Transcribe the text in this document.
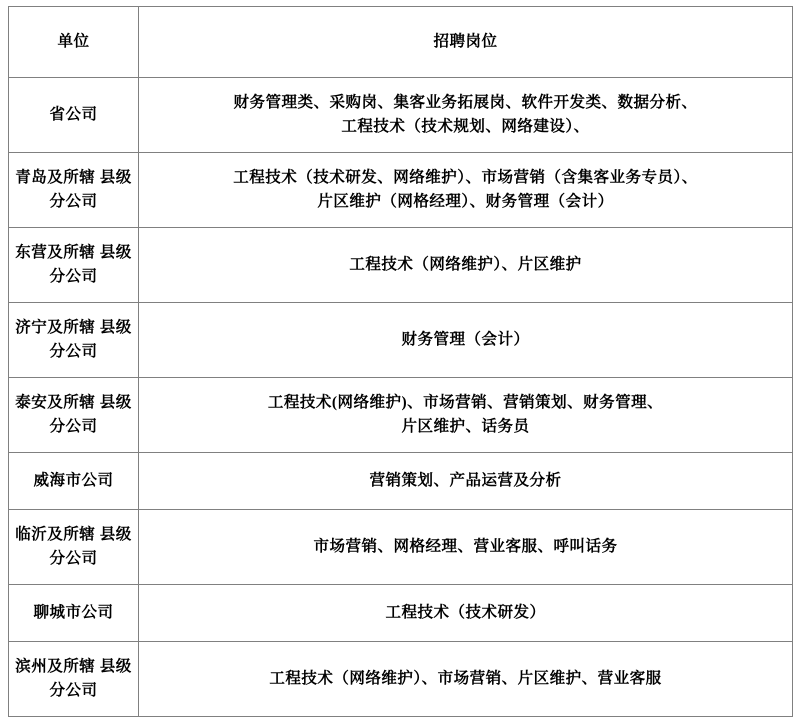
单位	招聘岗位
省公司	财务管理类、采购岗、集客业务拓展岗、软件开发类、数据分析、
工程技术（技术规划、网络建设）、

青岛及所辖 县级分公司	工程技术（技术研发、网络维护）、市场营销（含集客业务专员）、
片区维护（网格经理）、财务管理（会计）

东营及所辖 县级分公司	工程技术（网络维护）、片区维护

济宁及所辖 县级分公司	财务管理（会计）

泰安及所辖 县级分公司	工程技术(网络维护)、市场营销、营销策划、财务管理、
片区维护、话务员

威海市公司	营销策划、产品运营及分析

临沂及所辖 县级分公司	市场营销、网格经理、营业客服、呼叫话务

聊城市公司	工程技术（技术研发）

滨州及所辖 县级分公司	工程技术（网络维护）、市场营销、片区维护、营业客服
